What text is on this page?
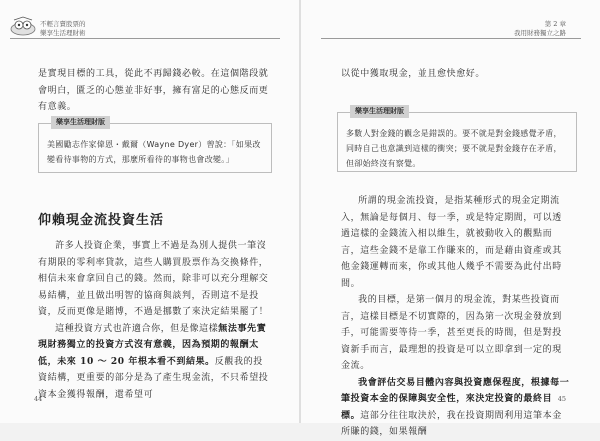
不輕言賣股票的
樂享生活理財術

是實現目標的工具，從此不再歸錢必較。在這個階段就會明白，匱乏的心態並非好事，擁有富足的心態反而更有意義。

樂享生活理財版
美國勵志作家偉恩・戴爾（Wayne Dyer）曾說：「如果改變看待事物的方式，那麼所看待的事物也會改變。」
仰賴現金流投資生活

許多人投資企業，事實上不過是為別人提供一筆沒有期限的零利率貸款，這些人購買股票作為交換條件，相信未來會拿回自己的錢。然而，除非可以充分理解交易結構，並且做出明智的協商與談判，否則這不是投資，反而更像是賭博，不過是挪數了來決定結果罷了！

這種投資方式也許適合你，但是像這樣無法事先實現財務獨立的投資方式沒有意義，因為預期的報酬太低，未來 10 ～ 20 年根本看不到結果。反觀我的投資結構，更重要的部分是為了產生現金流，不只希望投資本金獲得報酬，還希望可

44
第 2 章
我用財務獨立之路

以從中獲取現金，並且愈快愈好。

樂享生活理財版
多數人對金錢的觀念是錯誤的。要不就是對金錢感覺矛盾，同時自己也意識到這樣的衝突；要不就是對金錢存在矛盾，但卻始終沒有察覺。

所謂的現金流投資，是指某種形式的現金定期流入，無論是每個月、每一季，或是特定期間，可以透過這樣的金錢流入相以維生，就被動收入的觀點而言，這些金錢不是靠工作賺來的，而是藉由資產或其他金錢運轉而來，你或其他人幾乎不需要為此付出時間。

我的目標，是第一個月的現金流，對某些投資而言，這樣目標是不切實際的，因為第一次現金發放到手，可能需要等待一季，甚至更長的時間，但是對投資新手而言，最理想的投資是可以立即拿到一定的現金流。

我會評估交易目體內容與投資應保程度，根據每一筆投資本金的保障與安全性，來決定投資的最終目標。這部分往往取決於，我在投資期間利用這筆本金所賺的錢，如果報酬

45
